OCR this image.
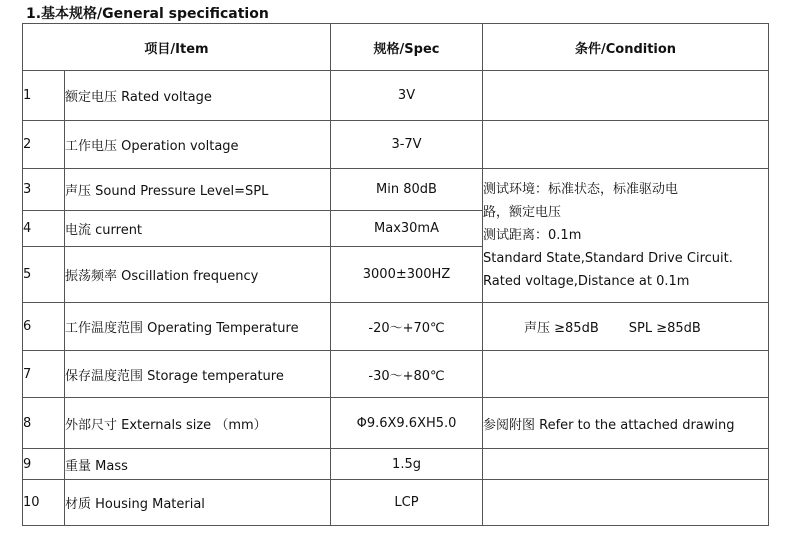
1.基本规格/General specification
项目/Item		规格/Spec	条件/Condition
1	额定电压 Rated voltage	3V	
2	工作电压 Operation voltage	3-7V	
3	声压 Sound Pressure Level=SPL	Min 80dB	测试环境：标准状态，标准驱动电
路，额定电压
测试距离：0.1m
Standard State,Standard Drive Circuit.
Rated voltage,Distance at 0.1m

4	电流 current	Max30mA	
5	振荡频率 Oscillation frequency	3000±300HZ	
6	工作温度范围 Operating Temperature	-20～+70℃	声压 ≥85dB SPL ≥85dB
7	保存温度范围 Storage temperature	-30～+80℃	
8	外部尺寸 Externals size （mm）	Φ9.6X9.6XH5.0	参阅附图 Refer to the attached drawing
9	重量 Mass	1.5g	
10	材质 Housing Material	LCP	
